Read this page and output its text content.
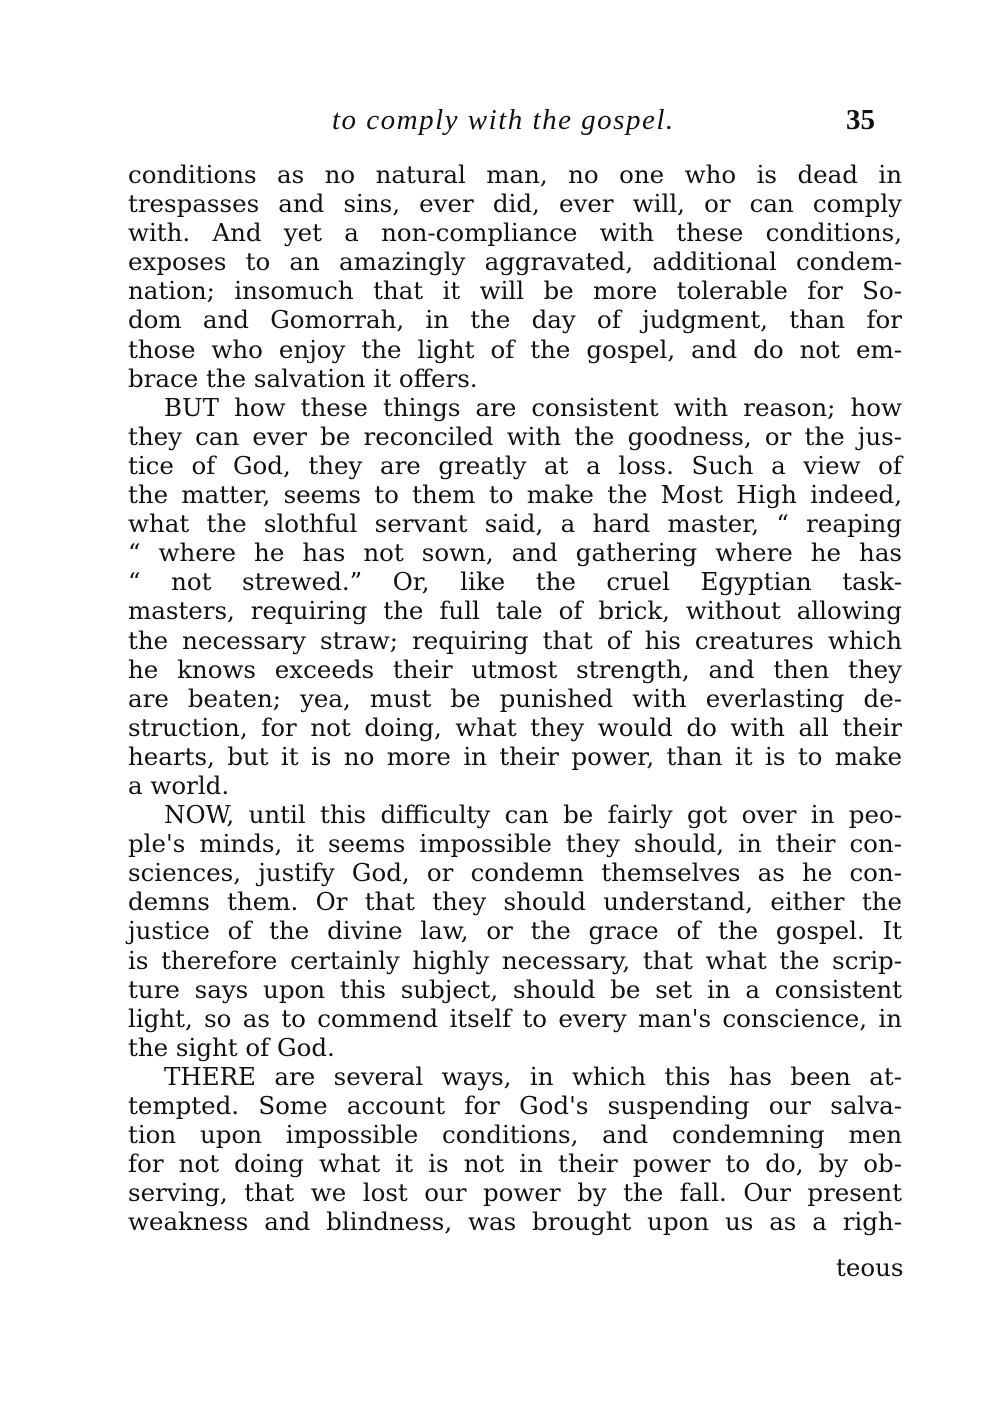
to comply with the gospel.	35
conditions as no natural man, no one who is dead in
trespasses and sins, ever did, ever will, or can comply
with. And yet a non-compliance with these conditions,
exposes to an amazingly aggravated, additional condem-
nation; insomuch that it will be more tolerable for So-
dom and Gomorrah, in the day of judgment, than for
those who enjoy the light of the gospel, and do not em-
brace the salvation it offers.
BUT how these things are consistent with reason; how
they can ever be reconciled with the goodness, or the jus-
tice of God, they are greatly at a loss. Such a view of
the matter, seems to them to make the Most High indeed,
what the slothful servant said, a hard master, “ reaping
“ where he has not sown, and gathering where he has
“ not strewed.” Or, like the cruel Egyptian task-
masters, requiring the full tale of brick, without allowing
the necessary straw; requiring that of his creatures which
he knows exceeds their utmost strength, and then they
are beaten; yea, must be punished with everlasting de-
struction, for not doing, what they would do with all their
hearts, but it is no more in their power, than it is to make
a world.
NOW, until this difficulty can be fairly got over in peo-
ple's minds, it seems impossible they should, in their con-
sciences, justify God, or condemn themselves as he con-
demns them. Or that they should understand, either the
justice of the divine law, or the grace of the gospel. It
is therefore certainly highly necessary, that what the scrip-
ture says upon this subject, should be set in a consistent
light, so as to commend itself to every man's conscience, in
the sight of God.
THERE are several ways, in which this has been at-
tempted. Some account for God's suspending our salva-
tion upon impossible conditions, and condemning men
for not doing what it is not in their power to do, by ob-
serving, that we lost our power by the fall. Our present
weakness and blindness, was brought upon us as a righ-
teous
